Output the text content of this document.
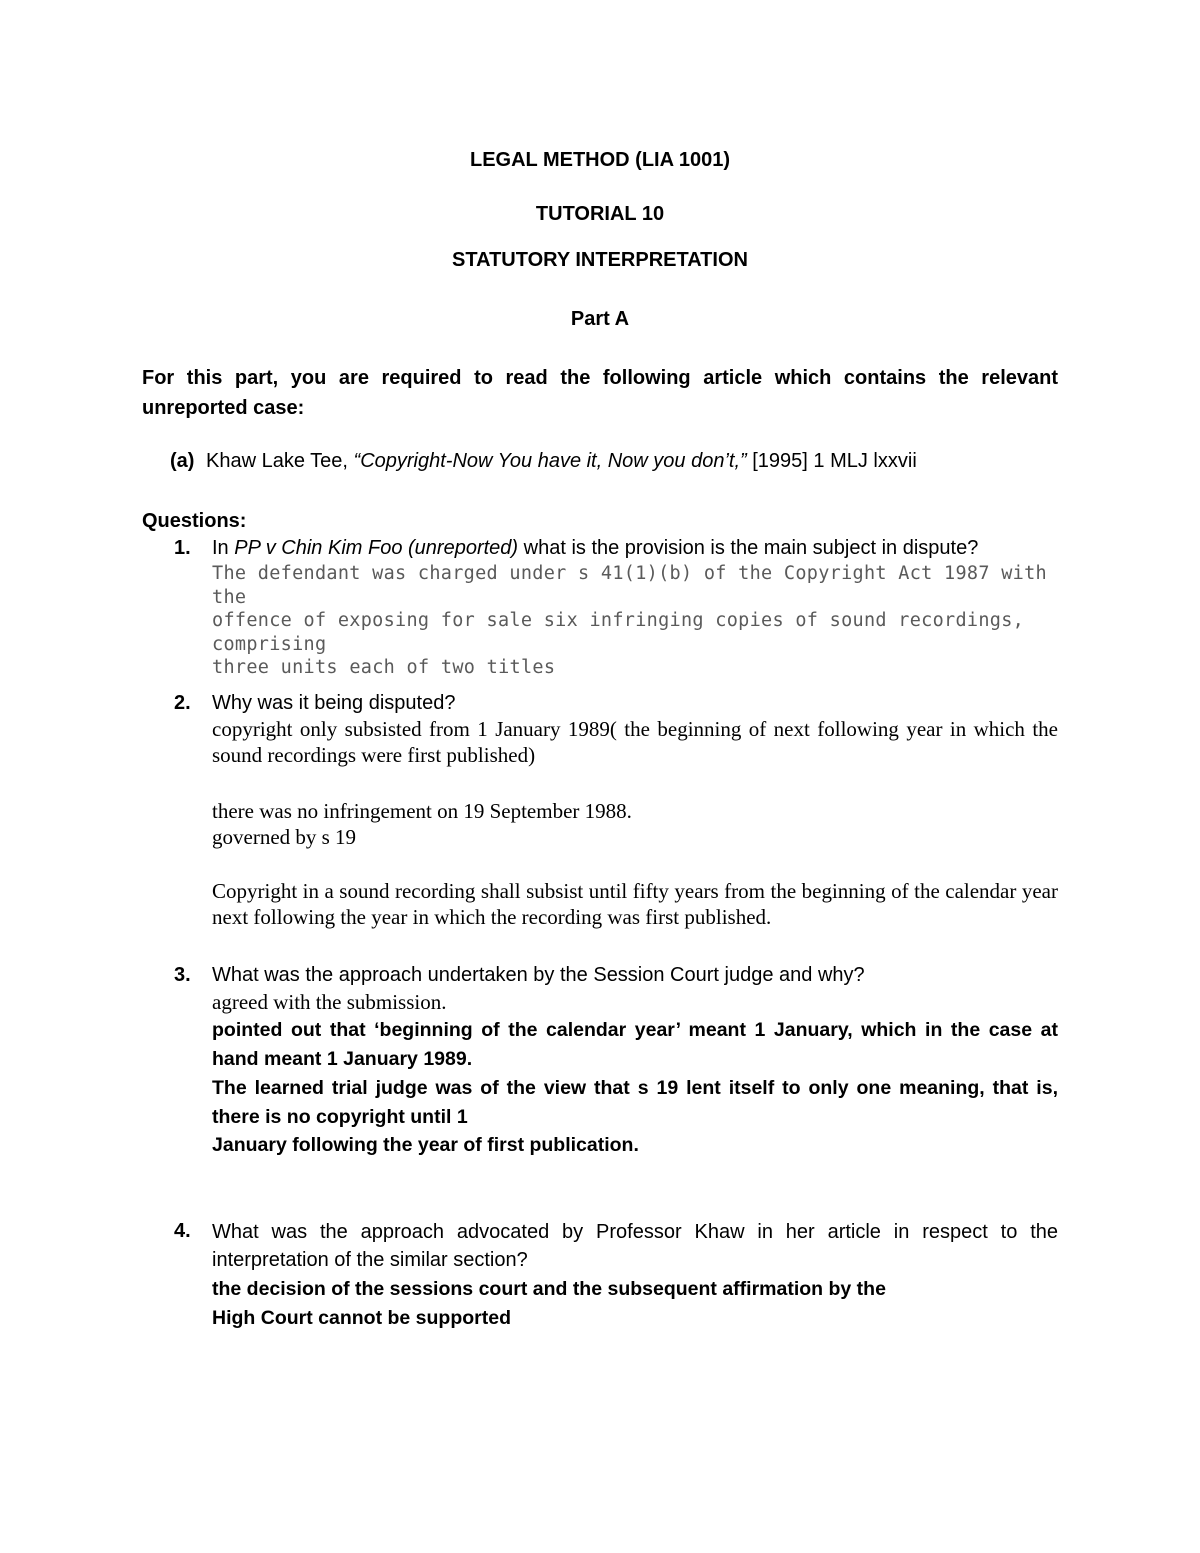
LEGAL METHOD (LIA 1001)
TUTORIAL 10
STATUTORY INTERPRETATION
Part A
For this part, you are required to read the following article which contains the relevant unreported case:
(a) Khaw Lake Tee, “Copyright-Now You have it, Now you don’t,” [1995] 1 MLJ lxxvii
Questions:
1. In PP v Chin Kim Foo (unreported) what is the provision is the main subject in dispute?
The defendant was charged under s 41(1)(b) of the Copyright Act 1987 with the
offence of exposing for sale six infringing copies of sound recordings, comprising
three units each of two titles
2. Why was it being disputed?
copyright only subsisted from 1 January 1989( the beginning of next following year in which the sound recordings were first published)
there was no infringement on 19 September 1988.
governed by s 19
Copyright in a sound recording shall subsist until fifty years from the beginning of the calendar year next following the year in which the recording was first published.
3. What was the approach undertaken by the Session Court judge and why?
agreed with the submission.
pointed out that ‘beginning of the calendar year’ meant 1 January, which in the case at hand meant 1 January 1989.
The learned trial judge was of the view that s 19 lent itself to only one meaning, that is, there is no copyright until 1
January following the year of first publication.
4. What was the approach advocated by Professor Khaw in her article in respect to the interpretation of the similar section?
the decision of the sessions court and the subsequent affirmation by the
High Court cannot be supported
